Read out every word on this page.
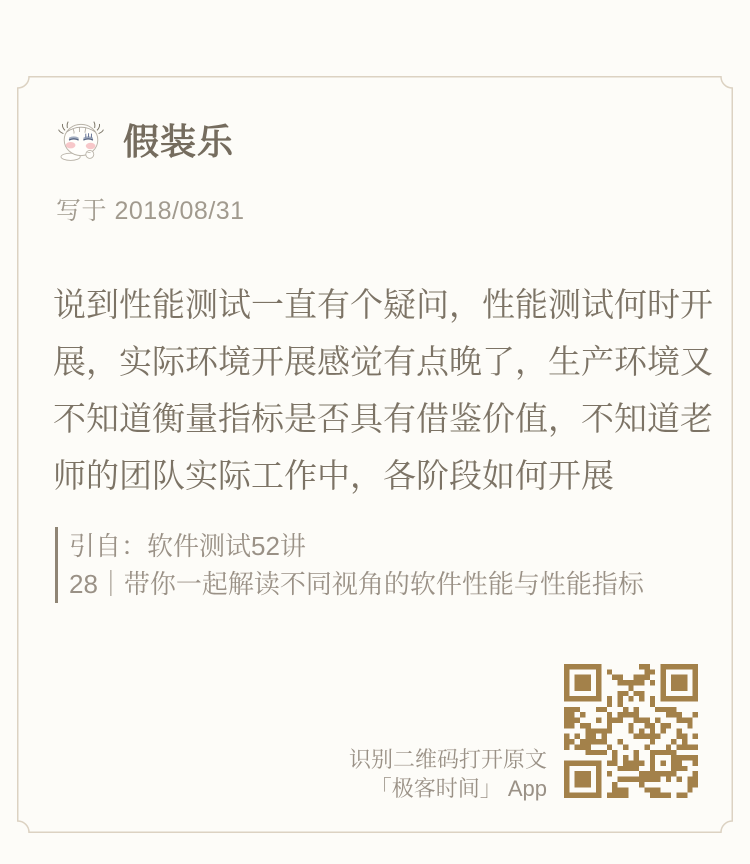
假装乐
写于 2018/08/31
说到性能测试一直有个疑问，性能测试何时开
展，实际环境开展感觉有点晚了，生产环境又
不知道衡量指标是否具有借鉴价值，不知道老
师的团队实际工作中，各阶段如何开展
引自：软件测试52讲
28｜带你一起解读不同视角的软件性能与性能指标
识别二维码打开原文
「极客时间」 App
